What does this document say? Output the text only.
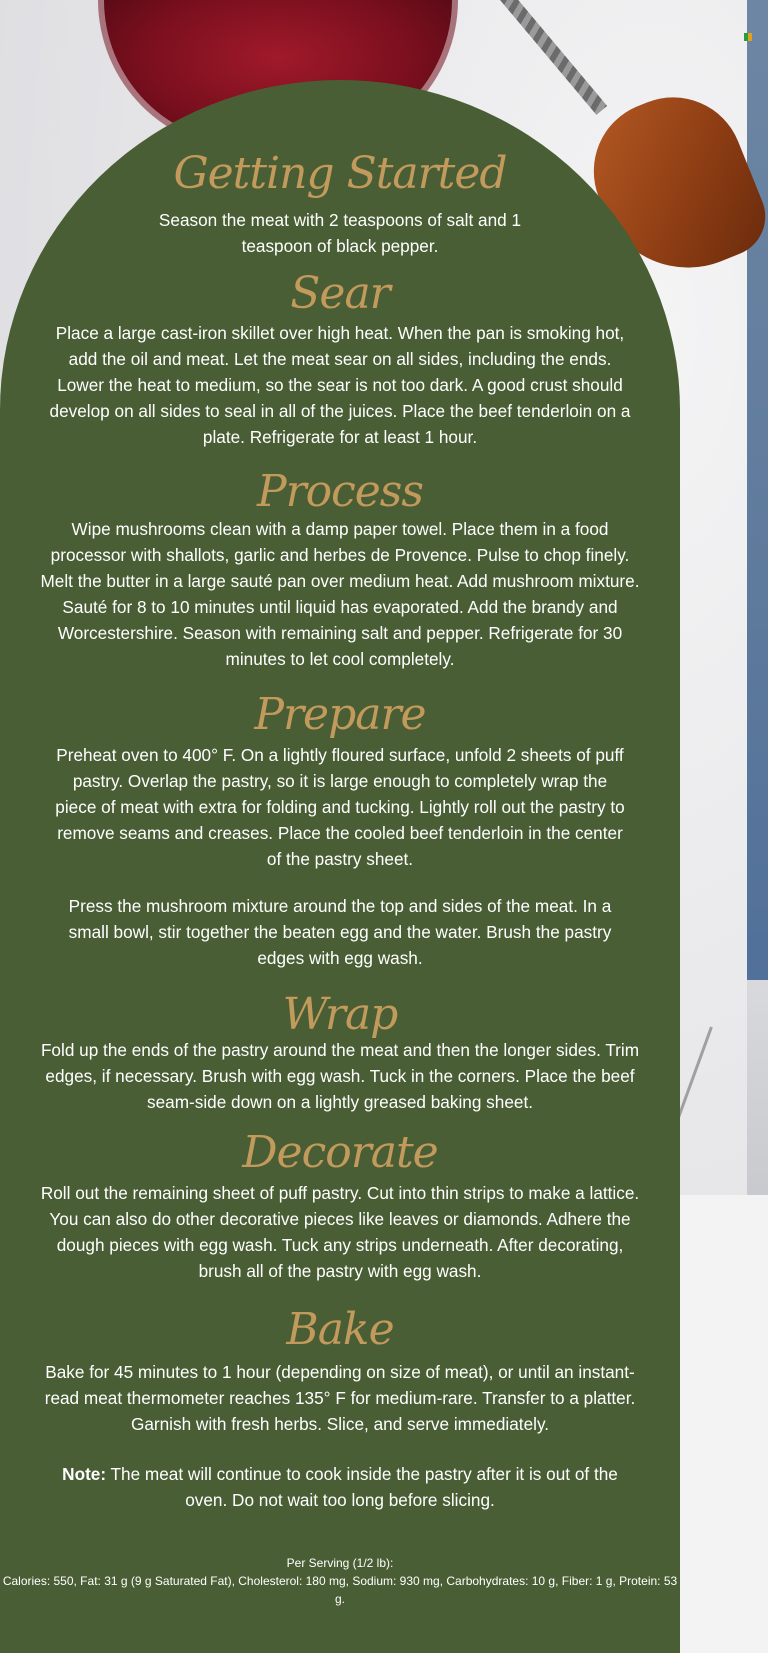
Getting Started
Season the meat with 2 teaspoons of salt and 1 teaspoon of black pepper.
Sear
Place a large cast-iron skillet over high heat. When the pan is smoking hot, add the oil and meat. Let the meat sear on all sides, including the ends. Lower the heat to medium, so the sear is not too dark. A good crust should develop on all sides to seal in all of the juices. Place the beef tenderloin on a plate. Refrigerate for at least 1 hour.
Process
Wipe mushrooms clean with a damp paper towel. Place them in a food processor with shallots, garlic and herbes de Provence. Pulse to chop finely. Melt the butter in a large sauté pan over medium heat. Add mushroom mixture. Sauté for 8 to 10 minutes until liquid has evaporated. Add the brandy and Worcestershire. Season with remaining salt and pepper. Refrigerate for 30 minutes to let cool completely.
Prepare
Preheat oven to 400° F. On a lightly floured surface, unfold 2 sheets of puff pastry. Overlap the pastry, so it is large enough to completely wrap the piece of meat with extra for folding and tucking. Lightly roll out the pastry to remove seams and creases. Place the cooled beef tenderloin in the center of the pastry sheet.
Press the mushroom mixture around the top and sides of the meat. In a small bowl, stir together the beaten egg and the water. Brush the pastry edges with egg wash.
Wrap
Fold up the ends of the pastry around the meat and then the longer sides. Trim edges, if necessary. Brush with egg wash. Tuck in the corners. Place the beef seam-side down on a lightly greased baking sheet.
Decorate
Roll out the remaining sheet of puff pastry. Cut into thin strips to make a lattice. You can also do other decorative pieces like leaves or diamonds. Adhere the dough pieces with egg wash. Tuck any strips underneath. After decorating, brush all of the pastry with egg wash.
Bake
Bake for 45 minutes to 1 hour (depending on size of meat), or until an instant-read meat thermometer reaches 135° F for medium-rare. Transfer to a platter. Garnish with fresh herbs. Slice, and serve immediately.
Note: The meat will continue to cook inside the pastry after it is out of the oven. Do not wait too long before slicing.
Per Serving (1/2 lb):
Calories: 550, Fat: 31 g (9 g Saturated Fat), Cholesterol: 180 mg, Sodium: 930 mg, Carbohydrates: 10 g, Fiber: 1 g, Protein: 53 g.
